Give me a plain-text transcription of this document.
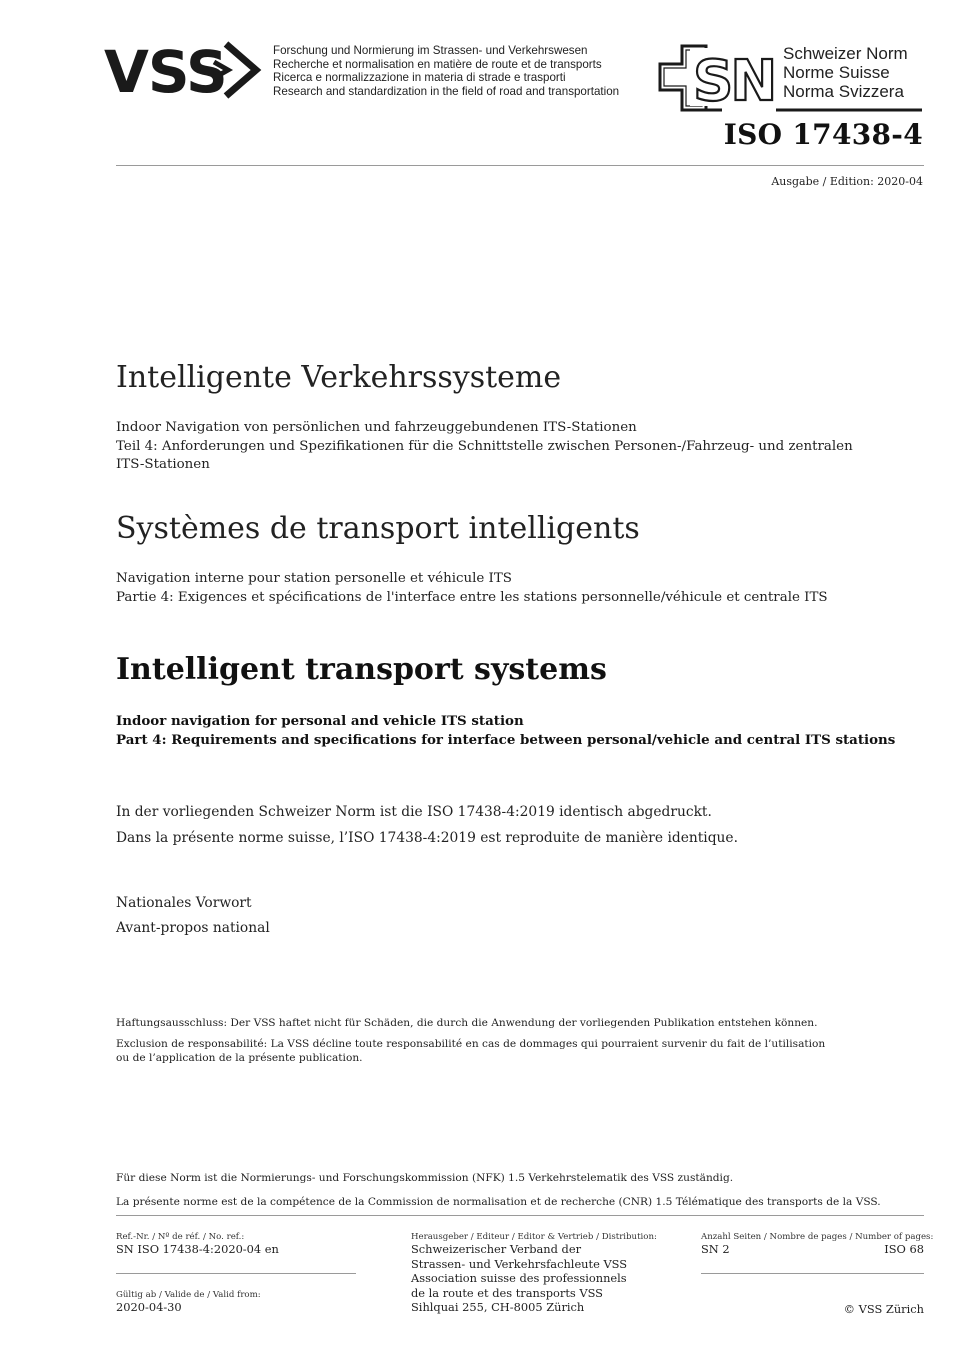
VSS	Forschung und Normierung im Strassen- und Verkehrswesen
Recherche et normalisation en matière de route et de transports
Ricerca e normalizzazione in materia di strade e trasporti
Research and standardization in the field of road and transportation SN Schweizer Norm
Norme Suisse
Norma Svizzera
ISO 17438-4
Ausgabe / Edition: 2020-04
Intelligente Verkehrssysteme
Indoor Navigation von persönlichen und fahrzeuggebundenen ITS-Stationen
Teil 4: Anforderungen und Spezifikationen für die Schnittstelle zwischen Personen-/Fahrzeug- und zentralen
ITS-Stationen
Systèmes de transport intelligents
Navigation interne pour station personelle et véhicule ITS
Partie 4: Exigences et spécifications de l'interface entre les stations personnelle/véhicule et centrale ITS
Intelligent transport systems
Indoor navigation for personal and vehicle ITS station
Part 4: Requirements and specifications for interface between personal/vehicle and central ITS stations
In der vorliegenden Schweizer Norm ist die ISO 17438-4:2019 identisch abgedruckt.
Dans la présente norme suisse, l’ISO 17438-4:2019 est reproduite de manière identique.
Nationales Vorwort
Avant-propos national
Haftungsausschluss: Der VSS haftet nicht für Schäden, die durch die Anwendung der vorliegenden Publikation entstehen können.
Exclusion de responsabilité: La VSS décline toute responsabilité en cas de dommages qui pourraient survenir du fait de l’utilisation
ou de l’application de la présente publication.
Für diese Norm ist die Normierungs- und Forschungskommission (NFK) 1.5 Verkehrstelematik des VSS zuständig.
La présente norme est de la compétence de la Commission de normalisation et de recherche (CNR) 1.5 Télématique des transports de la VSS.
Ref.-Nr. / Nº de réf. / No. ref.:
SN ISO 17438-4:2020-04 en
Gültig ab / Valide de / Valid from:
2020-04-30
Herausgeber / Editeur / Editor & Vertrieb / Distribution:
Schweizerischer Verband der
Strassen- und Verkehrsfachleute VSS
Association suisse des professionnels
de la route et des transports VSS
Sihlquai 255, CH-8005 Zürich
Anzahl Seiten / Nombre de pages / Number of pages:
SN 2	ISO 68
© VSS Zürich
